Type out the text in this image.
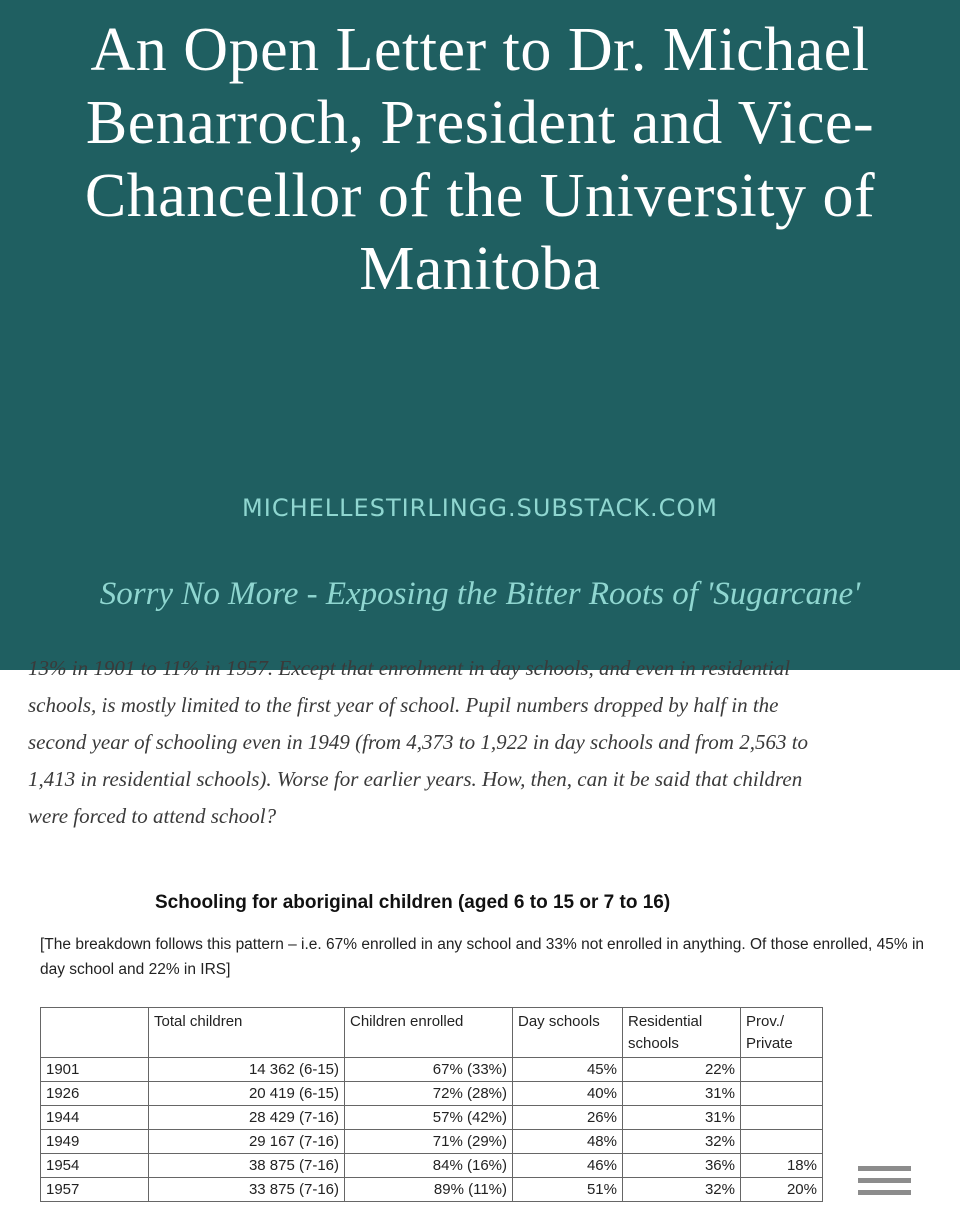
An Open Letter to Dr. Michael Benarroch, President and Vice-Chancellor of the University of Manitoba
MICHELLESTIRLINGG.SUBSTACK.COM
Sorry No More - Exposing the Bitter Roots of 'Sugarcane'

13% in 1901 to 11% in 1957. Except that enrolment in day schools, and even in residential
schools, is mostly limited to the first year of school. Pupil numbers dropped by half in the
second year of schooling even in 1949 (from 4,373 to 1,922 in day schools and from 2,563 to
1,413 in residential schools). Worse for earlier years. How, then, can it be said that children
were forced to attend school?

Schooling for aboriginal children (aged 6 to 15 or 7 to 16)

[The breakdown follows this pattern – i.e. 67% enrolled in any school and 33% not enrolled in anything. Of those enrolled, 45% in day school and 22% in IRS]

	Total children	Children enrolled	Day schools	Residential schools	Prov./ Private
1901	14 362 (6-15)	67% (33%)	45%	22%	
1926	20 419 (6-15)	72% (28%)	40%	31%	
1944	28 429 (7-16)	57% (42%)	26%	31%	
1949	29 167 (7-16)	71% (29%)	48%	32%	
1954	38 875 (7-16)	84% (16%)	46%	36%	18%
1957	33 875 (7-16)	89% (11%)	51%	32%	20%
